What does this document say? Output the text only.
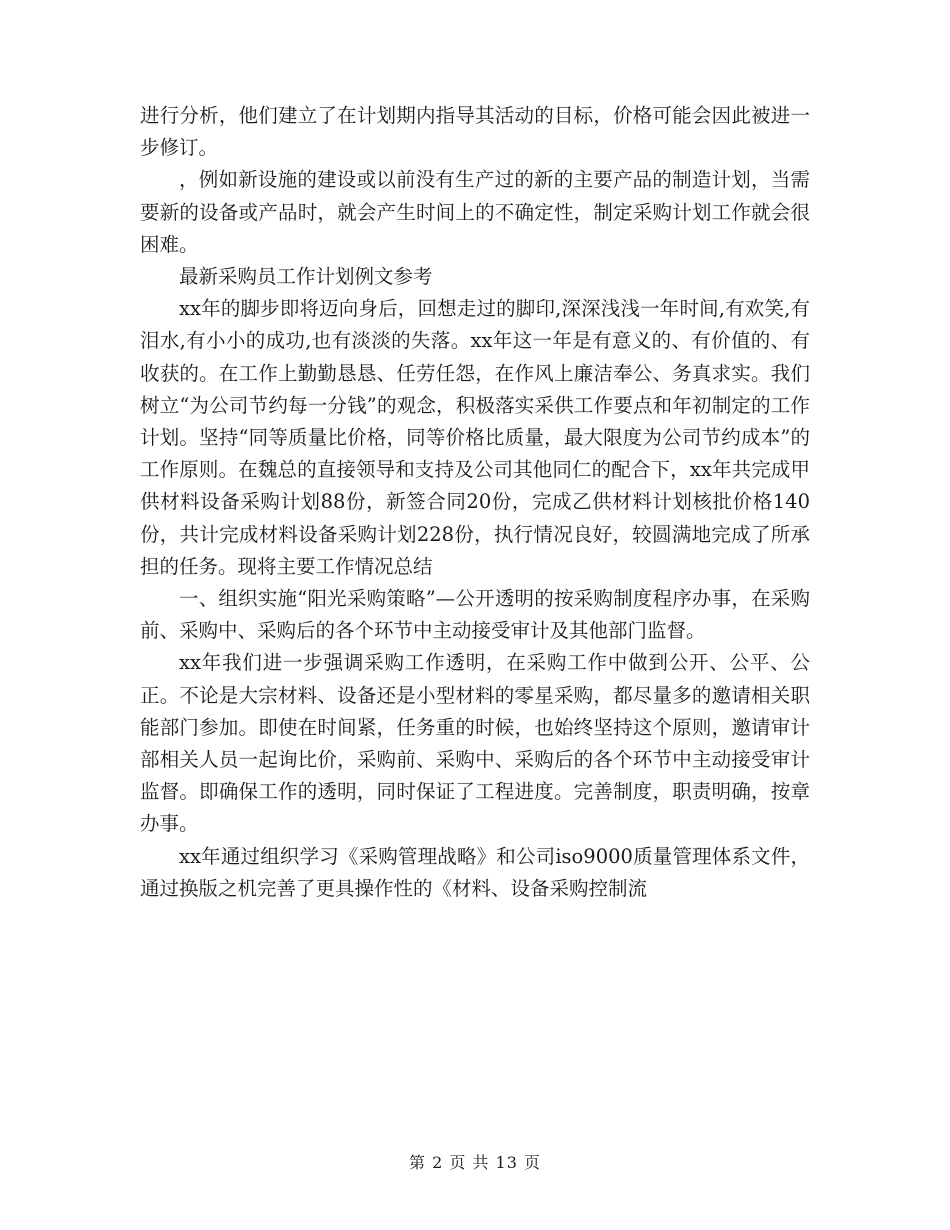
进行分析，他们建立了在计划期内指导其活动的目标，价格可能会因此被进一步修订。

，例如新设施的建设或以前没有生产过的新的主要产品的制造计划，当需要新的设备或产品时，就会产生时间上的不确定性，制定采购计划工作就会很困难。

最新采购员工作计划例文参考

xx年的脚步即将迈向身后，回想走过的脚印,深深浅浅一年时间,有欢笑,有泪水,有小小的成功,也有淡淡的失落。xx年这一年是有意义的、有价值的、有收获的。在工作上勤勤恳恳、任劳任怨，在作风上廉洁奉公、务真求实。我们树立“为公司节约每一分钱”的观念，积极落实采供工作要点和年初制定的工作计划。坚持“同等质量比价格，同等价格比质量，最大限度为公司节约成本”的工作原则。在魏总的直接领导和支持及公司其他同仁的配合下，xx年共完成甲供材料设备采购计划88份，新签合同20份，完成乙供材料计划核批价格140份，共计完成材料设备采购计划228份，执行情况良好，较圆满地完成了所承担的任务。现将主要工作情况总结

一、组织实施“阳光采购策略”—公开透明的按采购制度程序办事，在采购前、采购中、采购后的各个环节中主动接受审计及其他部门监督。

xx年我们进一步强调采购工作透明，在采购工作中做到公开、公平、公正。不论是大宗材料、设备还是小型材料的零星采购，都尽量多的邀请相关职能部门参加。即使在时间紧，任务重的时候，也始终坚持这个原则，邀请审计部相关人员一起询比价，采购前、采购中、采购后的各个环节中主动接受审计监督。即确保工作的透明，同时保证了工程进度。完善制度，职责明确，按章办事。

xx年通过组织学习《采购管理战略》和公司iso9000质量管理体系文件，通过换版之机完善了更具操作性的《材料、设备采购控制流

第 2 页 共 13 页
